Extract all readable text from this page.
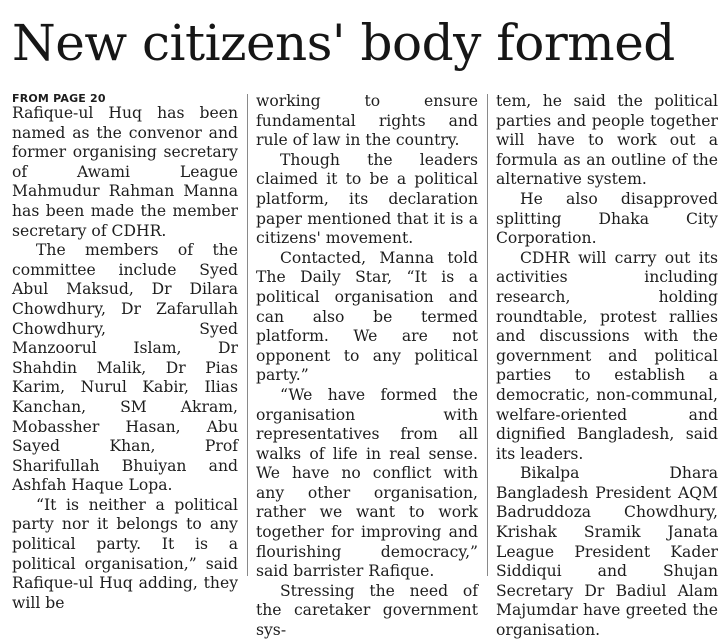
New citizens' body formed
FROM PAGE 20

Rafique-ul Huq has been named as the convenor and former organising secretary of Awami League Mahmudur Rahman Manna has been made the member secretary of CDHR.

The members of the committee include Syed Abul Maksud, Dr Dilara Chowdhury, Dr Zafarullah Chowdhury, Syed Manzoorul Islam, Dr Shahdin Malik, Dr Pias Karim, Nurul Kabir, Ilias Kanchan, SM Akram, Mobassher Hasan, Abu Sayed Khan, Prof Sharifullah Bhuiyan and Ashfah Haque Lopa.

“It is neither a political party nor it belongs to any political party. It is a political organisation,” said Rafique-ul Huq adding, they will be

working to ensure fundamental rights and rule of law in the country.

Though the leaders claimed it to be a political platform, its declaration paper mentioned that it is a citizens' movement.

Contacted, Manna told The Daily Star, “It is a political organisation and can also be termed platform. We are not opponent to any political party.”

“We have formed the organisation with representatives from all walks of life in real sense. We have no conflict with any other organisation, rather we want to work together for improving and flourishing democracy,” said barrister Rafique.

Stressing the need of the caretaker government sys-

tem, he said the political parties and people together will have to work out a formula as an outline of the alternative system.

He also disapproved splitting Dhaka City Corporation.

CDHR will carry out its activities including research, holding roundtable, protest rallies and discussions with the government and political parties to establish a democratic, non-communal, welfare-oriented and dignified Bangladesh, said its leaders.

Bikalpa Dhara Bangladesh President AQM Badruddoza Chowdhury, Krishak Sramik Janata League President Kader Siddiqui and Shujan Secretary Dr Badiul Alam Majumdar have greeted the organisation.
